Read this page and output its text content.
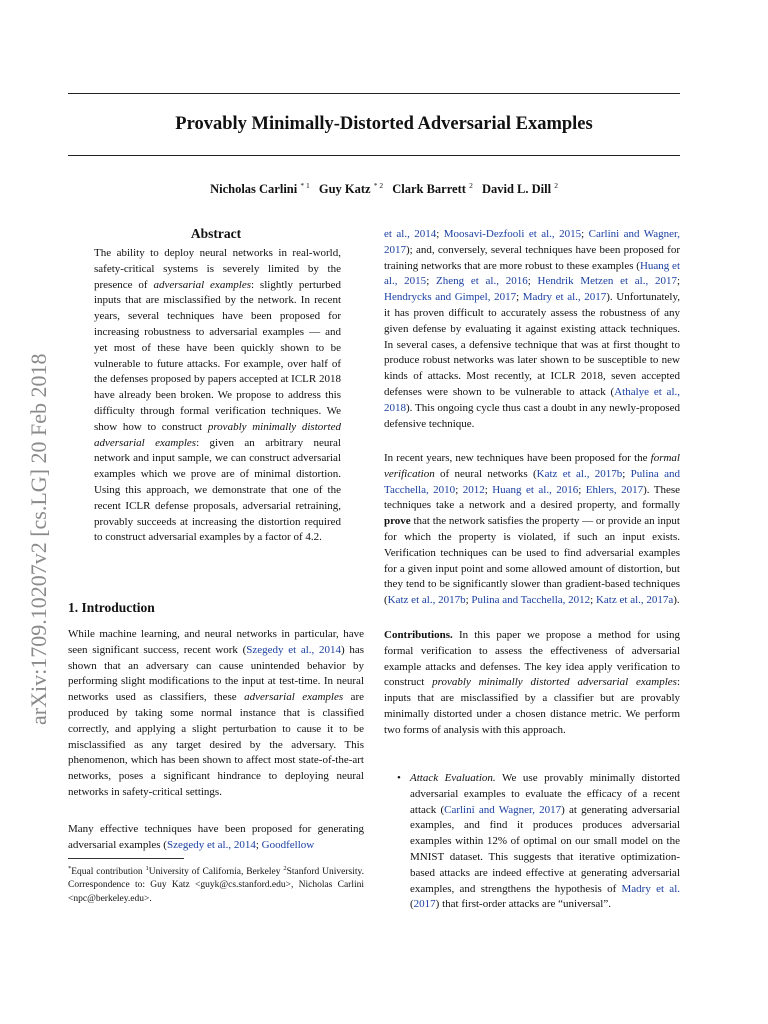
Provably Minimally-Distorted Adversarial Examples
Nicholas Carlini $^{* 1}$ Guy Katz $^{* 2}$ Clark Barrett $^2$ David L. Dill $^2$
arXiv:1709.10207v2 [cs.LG] 20 Feb 2018
Abstract

The ability to deploy neural networks in real-world, safety-critical systems is severely limited by the presence of adversarial examples: slightly perturbed inputs that are misclassified by the network. In recent years, several techniques have been proposed for increasing robustness to adversarial examples — and yet most of these have been quickly shown to be vulnerable to future attacks. For example, over half of the defenses proposed by papers accepted at ICLR 2018 have already been broken. We propose to address this difficulty through formal verification techniques. We show how to construct provably minimally distorted adversarial examples: given an arbitrary neural network and input sample, we can construct adversarial examples which we prove are of minimal distortion. Using this approach, we demonstrate that one of the recent ICLR defense proposals, adversarial retraining, provably succeeds at increasing the distortion required to construct adversarial examples by a factor of 4.2.

1. Introduction

While machine learning, and neural networks in particular, have seen significant success, recent work (Szegedy et al., 2014) has shown that an adversary can cause unintended behavior by performing slight modifications to the input at test-time. In neural networks used as classifiers, these adversarial examples are produced by taking some normal instance that is classified correctly, and applying a slight perturbation to cause it to be misclassified as any target desired by the adversary. This phenomenon, which has been shown to affect most state-of-the-art networks, poses a significant hindrance to deploying neural networks in safety-critical settings.

Many effective techniques have been proposed for generating adversarial examples (Szegedy et al., 2014; Goodfellow

*Equal contribution $^1$University of California, Berkeley $^2$Stanford University. Correspondence to: Guy Katz <guyk@cs.stanford.edu>, Nicholas Carlini <npc@berkeley.edu>.

et al., 2014; Moosavi-Dezfooli et al., 2015; Carlini and Wagner, 2017); and, conversely, several techniques have been proposed for training networks that are more robust to these examples (Huang et al., 2015; Zheng et al., 2016; Hendrik Metzen et al., 2017; Hendrycks and Gimpel, 2017; Madry et al., 2017). Unfortunately, it has proven difficult to accurately assess the robustness of any given defense by evaluating it against existing attack techniques. In several cases, a defensive technique that was at first thought to produce robust networks was later shown to be susceptible to new kinds of attacks. Most recently, at ICLR 2018, seven accepted defenses were shown to be vulnerable to attack (Athalye et al., 2018). This ongoing cycle thus cast a doubt in any newly-proposed defensive technique.

In recent years, new techniques have been proposed for the formal verification of neural networks (Katz et al., 2017b; Pulina and Tacchella, 2010; 2012; Huang et al., 2016; Ehlers, 2017). These techniques take a network and a desired property, and formally prove that the network satisfies the property — or provide an input for which the property is violated, if such an input exists. Verification techniques can be used to find adversarial examples for a given input point and some allowed amount of distortion, but they tend to be significantly slower than gradient-based techniques (Katz et al., 2017b; Pulina and Tacchella, 2012; Katz et al., 2017a).

Contributions. In this paper we propose a method for using formal verification to assess the effectiveness of adversarial example attacks and defenses. The key idea apply verification to construct provably minimally distorted adversarial examples: inputs that are misclassified by a classifier but are provably minimally distorted under a chosen distance metric. We perform two forms of analysis with this approach.

• Attack Evaluation. We use provably minimally distorted adversarial examples to evaluate the efficacy of a recent attack (Carlini and Wagner, 2017) at generating adversarial examples, and find it produces produces adversarial examples within 12% of optimal on our small model on the MNIST dataset. This suggests that iterative optimization-based attacks are indeed effective at generating adversarial examples, and strengthens the hypothesis of Madry et al. (2017) that first-order attacks are “universal”.
